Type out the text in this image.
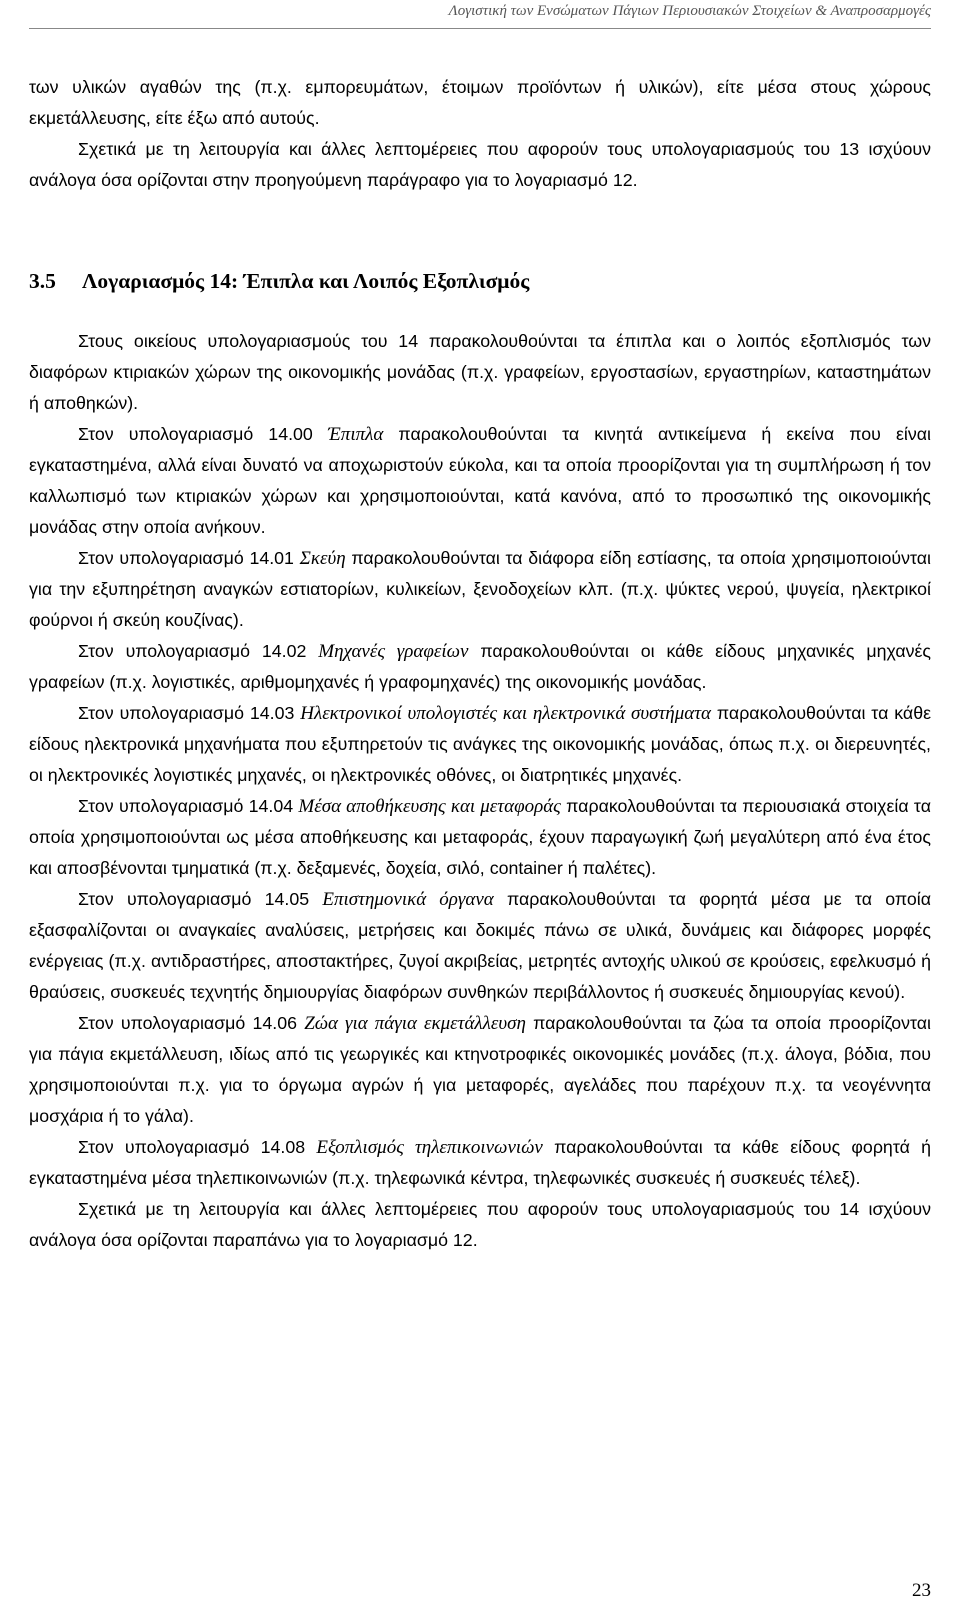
Λογιστική των Ενσώματων Πάγιων Περιουσιακών Στοιχείων & Αναπροσαρμογές

των υλικών αγαθών της (π.χ. εμπορευμάτων, έτοιμων προϊόντων ή υλικών), είτε μέσα στους χώρους εκμετάλλευσης, είτε έξω από αυτούς.

Σχετικά με τη λειτουργία και άλλες λεπτομέρειες που αφορούν τους υπολογαριασμούς του 13 ισχύουν ανάλογα όσα ορίζονται στην προηγούμενη παράγραφο για το λογαριασμό 12.

3.5 Λογαριασμός 14: Έπιπλα και Λοιπός Εξοπλισμός

Στους οικείους υπολογαριασμούς του 14 παρακολουθούνται τα έπιπλα και ο λοιπός εξοπλισμός των διαφόρων κτιριακών χώρων της οικονομικής μονάδας (π.χ. γραφείων, εργοστασίων, εργαστηρίων, καταστημάτων ή αποθηκών).

Στον υπολογαριασμό 14.00 Έπιπλα παρακολουθούνται τα κινητά αντικείμενα ή εκείνα που είναι εγκαταστημένα, αλλά είναι δυνατό να αποχωριστούν εύκολα, και τα οποία προορίζονται για τη συμπλήρωση ή τον καλλωπισμό των κτιριακών χώρων και χρησιμοποιούνται, κατά κανόνα, από το προσωπικό της οικονομικής μονάδας στην οποία ανήκουν.

Στον υπολογαριασμό 14.01 Σκεύη παρακολουθούνται τα διάφορα είδη εστίασης, τα οποία χρησιμοποιούνται για την εξυπηρέτηση αναγκών εστιατορίων, κυλικείων, ξενοδοχείων κλπ. (π.χ. ψύκτες νερού, ψυγεία, ηλεκτρικοί φούρνοι ή σκεύη κουζίνας).

Στον υπολογαριασμό 14.02 Μηχανές γραφείων παρακολουθούνται οι κάθε είδους μηχανικές μηχανές γραφείων (π.χ. λογιστικές, αριθμομηχανές ή γραφομηχανές) της οικονομικής μονάδας.

Στον υπολογαριασμό 14.03 Ηλεκτρονικοί υπολογιστές και ηλεκτρονικά συστήματα παρακολουθούνται τα κάθε είδους ηλεκτρονικά μηχανήματα που εξυπηρετούν τις ανάγκες της οικονομικής μονάδας, όπως π.χ. οι διερευνητές, οι ηλεκτρονικές λογιστικές μηχανές, οι ηλεκτρονικές οθόνες, οι διατρητικές μηχανές.

Στον υπολογαριασμό 14.04 Μέσα αποθήκευσης και μεταφοράς παρακολουθούνται τα περιουσιακά στοιχεία τα οποία χρησιμοποιούνται ως μέσα αποθήκευσης και μεταφοράς, έχουν παραγωγική ζωή μεγαλύτερη από ένα έτος και αποσβένονται τμηματικά (π.χ. δεξαμενές, δοχεία, σιλό, container ή παλέτες).

Στον υπολογαριασμό 14.05 Επιστημονικά όργανα παρακολουθούνται τα φορητά μέσα με τα οποία εξασφαλίζονται οι αναγκαίες αναλύσεις, μετρήσεις και δοκιμές πάνω σε υλικά, δυνάμεις και διάφορες μορφές ενέργειας (π.χ. αντιδραστήρες, αποστακτήρες, ζυγοί ακριβείας, μετρητές αντοχής υλικού σε κρούσεις, εφελκυσμό ή θραύσεις, συσκευές τεχνητής δημιουργίας διαφόρων συνθηκών περιβάλλοντος ή συσκευές δημιουργίας κενού).

Στον υπολογαριασμό 14.06 Ζώα για πάγια εκμετάλλευση παρακολουθούνται τα ζώα τα οποία προορίζονται για πάγια εκμετάλλευση, ιδίως από τις γεωργικές και κτηνοτροφικές οικονομικές μονάδες (π.χ. άλογα, βόδια, που χρησιμοποιούνται π.χ. για το όργωμα αγρών ή για μεταφορές, αγελάδες που παρέχουν π.χ. τα νεογέννητα μοσχάρια ή το γάλα).

Στον υπολογαριασμό 14.08 Εξοπλισμός τηλεπικοινωνιών παρακολουθούνται τα κάθε είδους φορητά ή εγκαταστημένα μέσα τηλεπικοινωνιών (π.χ. τηλεφωνικά κέντρα, τηλεφωνικές συσκευές ή συσκευές τέλεξ).

Σχετικά με τη λειτουργία και άλλες λεπτομέρειες που αφορούν τους υπολογαριασμούς του 14 ισχύουν ανάλογα όσα ορίζονται παραπάνω για το λογαριασμό 12.

23
